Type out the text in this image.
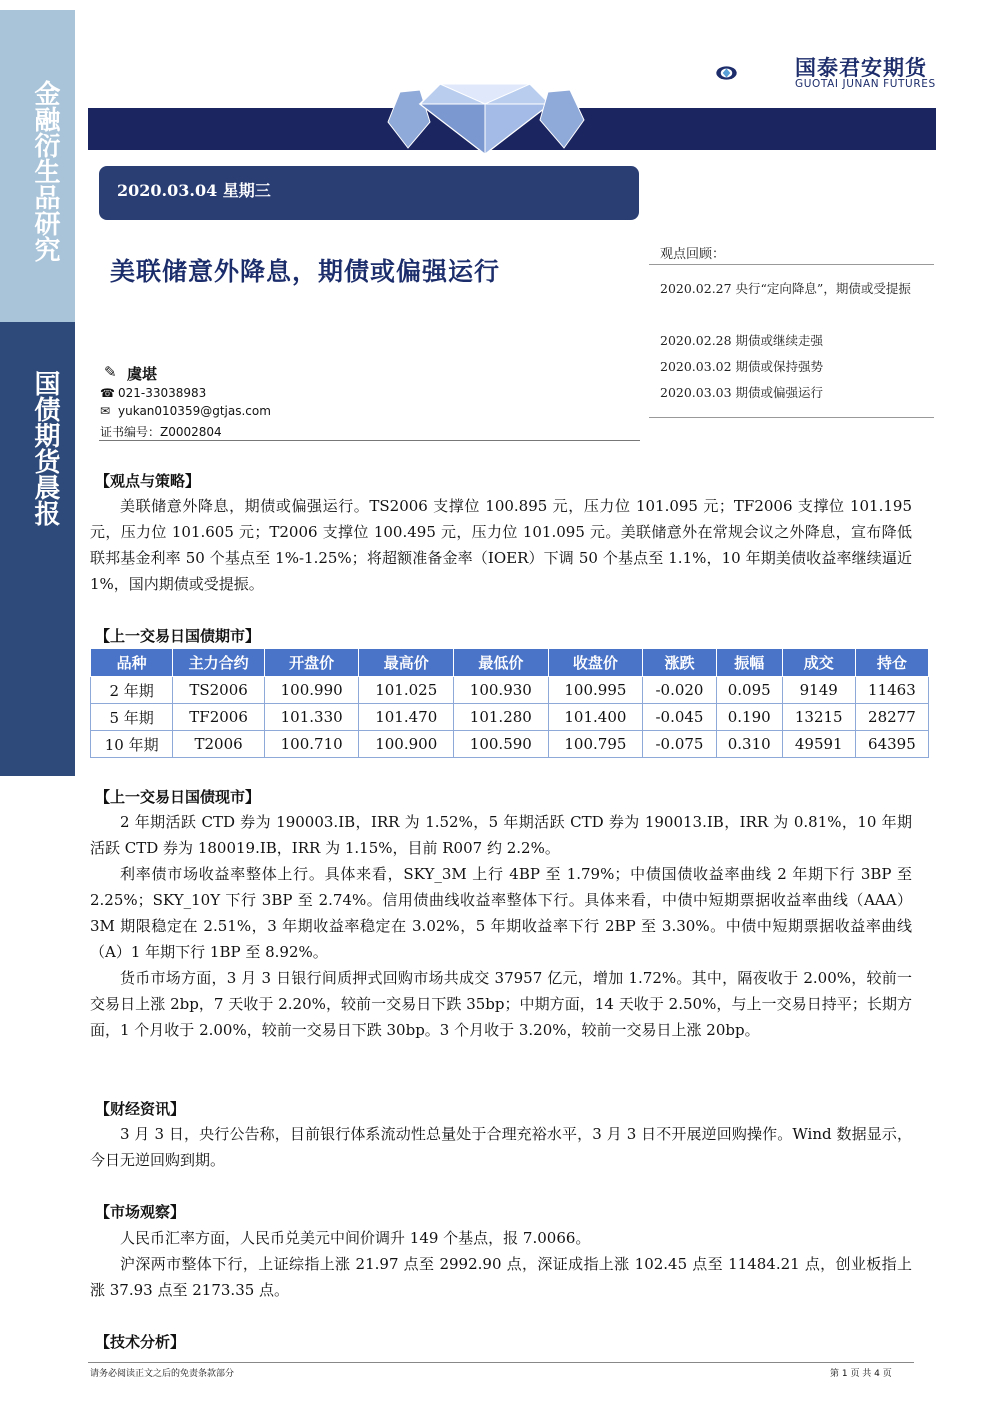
金融衍生品研究
国债期货晨报
国泰君安期货
GUOTAI JUNAN FUTURES
2020.03.04 星期三
美联储意外降息，期债或偏强运行
观点回顾：
2020.02.27 央行“定向降息”，期债或受提振
2020.02.28 期债或继续走强
2020.03.02 期债或保持强势
2020.03.03 期债或偏强运行
✎ 虞堪
☎ 021-33038983
✉ yukan010359@gtjas.com
证书编号：Z0002804
【观点与策略】
美联储意外降息，期债或偏强运行。TS2006 支撑位 100.895 元，压力位 101.095 元；TF2006 支撑位 101.195 元，压力位 101.605 元；T2006 支撑位 100.495 元，压力位 101.095 元。美联储意外在常规会议之外降息，宣布降低联邦基金利率 50 个基点至 1%-1.25%；将超额准备金率（IOER）下调 50 个基点至 1.1%，10 年期美债收益率继续逼近 1%，国内期债或受提振。
【上一交易日国债期市】
品种	主力合约	开盘价	最高价	最低价	收盘价	涨跌	振幅	成交	持仓
2 年期	TS2006	100.990	101.025	100.930	100.995	-0.020	0.095	9149	11463
5 年期	TF2006	101.330	101.470	101.280	101.400	-0.045	0.190	13215	28277
10 年期	T2006	100.710	100.900	100.590	100.795	-0.075	0.310	49591	64395
【上一交易日国债现市】
2 年期活跃 CTD 券为 190003.IB，IRR 为 1.52%，5 年期活跃 CTD 券为 190013.IB，IRR 为 0.81%，10 年期活跃 CTD 券为 180019.IB，IRR 为 1.15%，目前 R007 约 2.2%。
利率债市场收益率整体上行。具体来看，SKY_3M 上行 4BP 至 1.79%；中债国债收益率曲线 2 年期下行 3BP 至 2.25%；SKY_10Y 下行 3BP 至 2.74%。信用债曲线收益率整体下行。具体来看，中债中短期票据收益率曲线（AAA）3M 期限稳定在 2.51%，3 年期收益率稳定在 3.02%，5 年期收益率下行 2BP 至 3.30%。中债中短期票据收益率曲线（A）1 年期下行 1BP 至 8.92%。
货币市场方面，3 月 3 日银行间质押式回购市场共成交 37957 亿元，增加 1.72%。其中，隔夜收于 2.00%，较前一交易日上涨 2bp，7 天收于 2.20%，较前一交易日下跌 35bp；中期方面，14 天收于 2.50%，与上一交易日持平；长期方面，1 个月收于 2.00%，较前一交易日下跌 30bp。3 个月收于 3.20%，较前一交易日上涨 20bp。
【财经资讯】
3 月 3 日，央行公告称，目前银行体系流动性总量处于合理充裕水平，3 月 3 日不开展逆回购操作。Wind 数据显示，今日无逆回购到期。
【市场观察】
人民币汇率方面，人民币兑美元中间价调升 149 个基点，报 7.0066。
沪深两市整体下行，上证综指上涨 21.97 点至 2992.90 点，深证成指上涨 102.45 点至 11484.21 点，创业板指上涨 37.93 点至 2173.35 点。
【技术分析】
请务必阅读正文之后的免责条款部分	第 1 页 共 4 页
